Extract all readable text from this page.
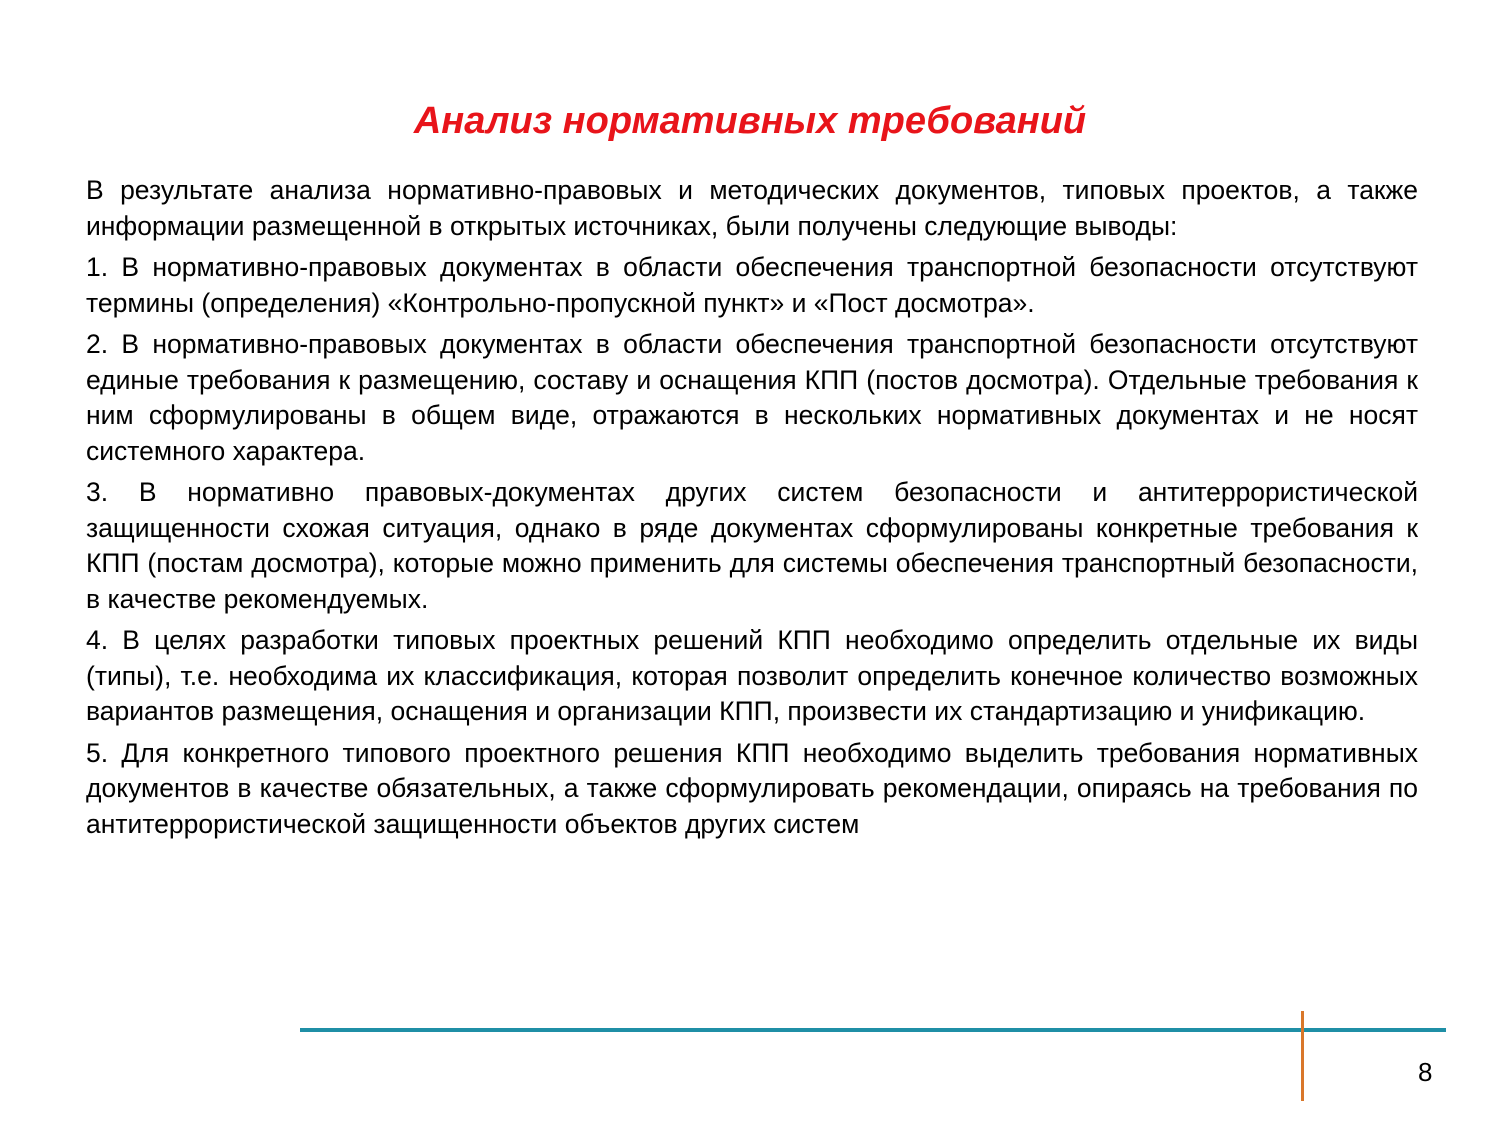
Анализ нормативных требований

В результате анализа нормативно-правовых и методических документов, типовых проектов, а также информации размещенной в открытых источниках, были получены следующие выводы:

1. В нормативно-правовых документах в области обеспечения транспортной безопасности отсутствуют термины (определения) «Контрольно-пропускной пункт» и «Пост досмотра».

2. В нормативно-правовых документах в области обеспечения транспортной безопасности отсутствуют единые требования к размещению, составу и оснащения КПП (постов досмотра). Отдельные требования к ним сформулированы в общем виде, отражаются в нескольких нормативных документах и не носят системного характера.

3. В нормативно правовых-документах других систем безопасности и антитеррористической защищенности схожая ситуация, однако в ряде документах сформулированы конкретные требования к КПП (постам досмотра), которые можно применить для системы обеспечения транспортный безопасности, в качестве рекомендуемых.

4. В целях разработки типовых проектных решений КПП необходимо определить отдельные их виды (типы), т.е. необходима их классификация, которая позволит определить конечное количество возможных вариантов размещения, оснащения и организации КПП, произвести их стандартизацию и унификацию.

5. Для конкретного типового проектного решения КПП необходимо выделить требования нормативных документов в качестве обязательных, а также сформулировать рекомендации, опираясь на требования по антитеррористической защищенности объектов других систем

8
